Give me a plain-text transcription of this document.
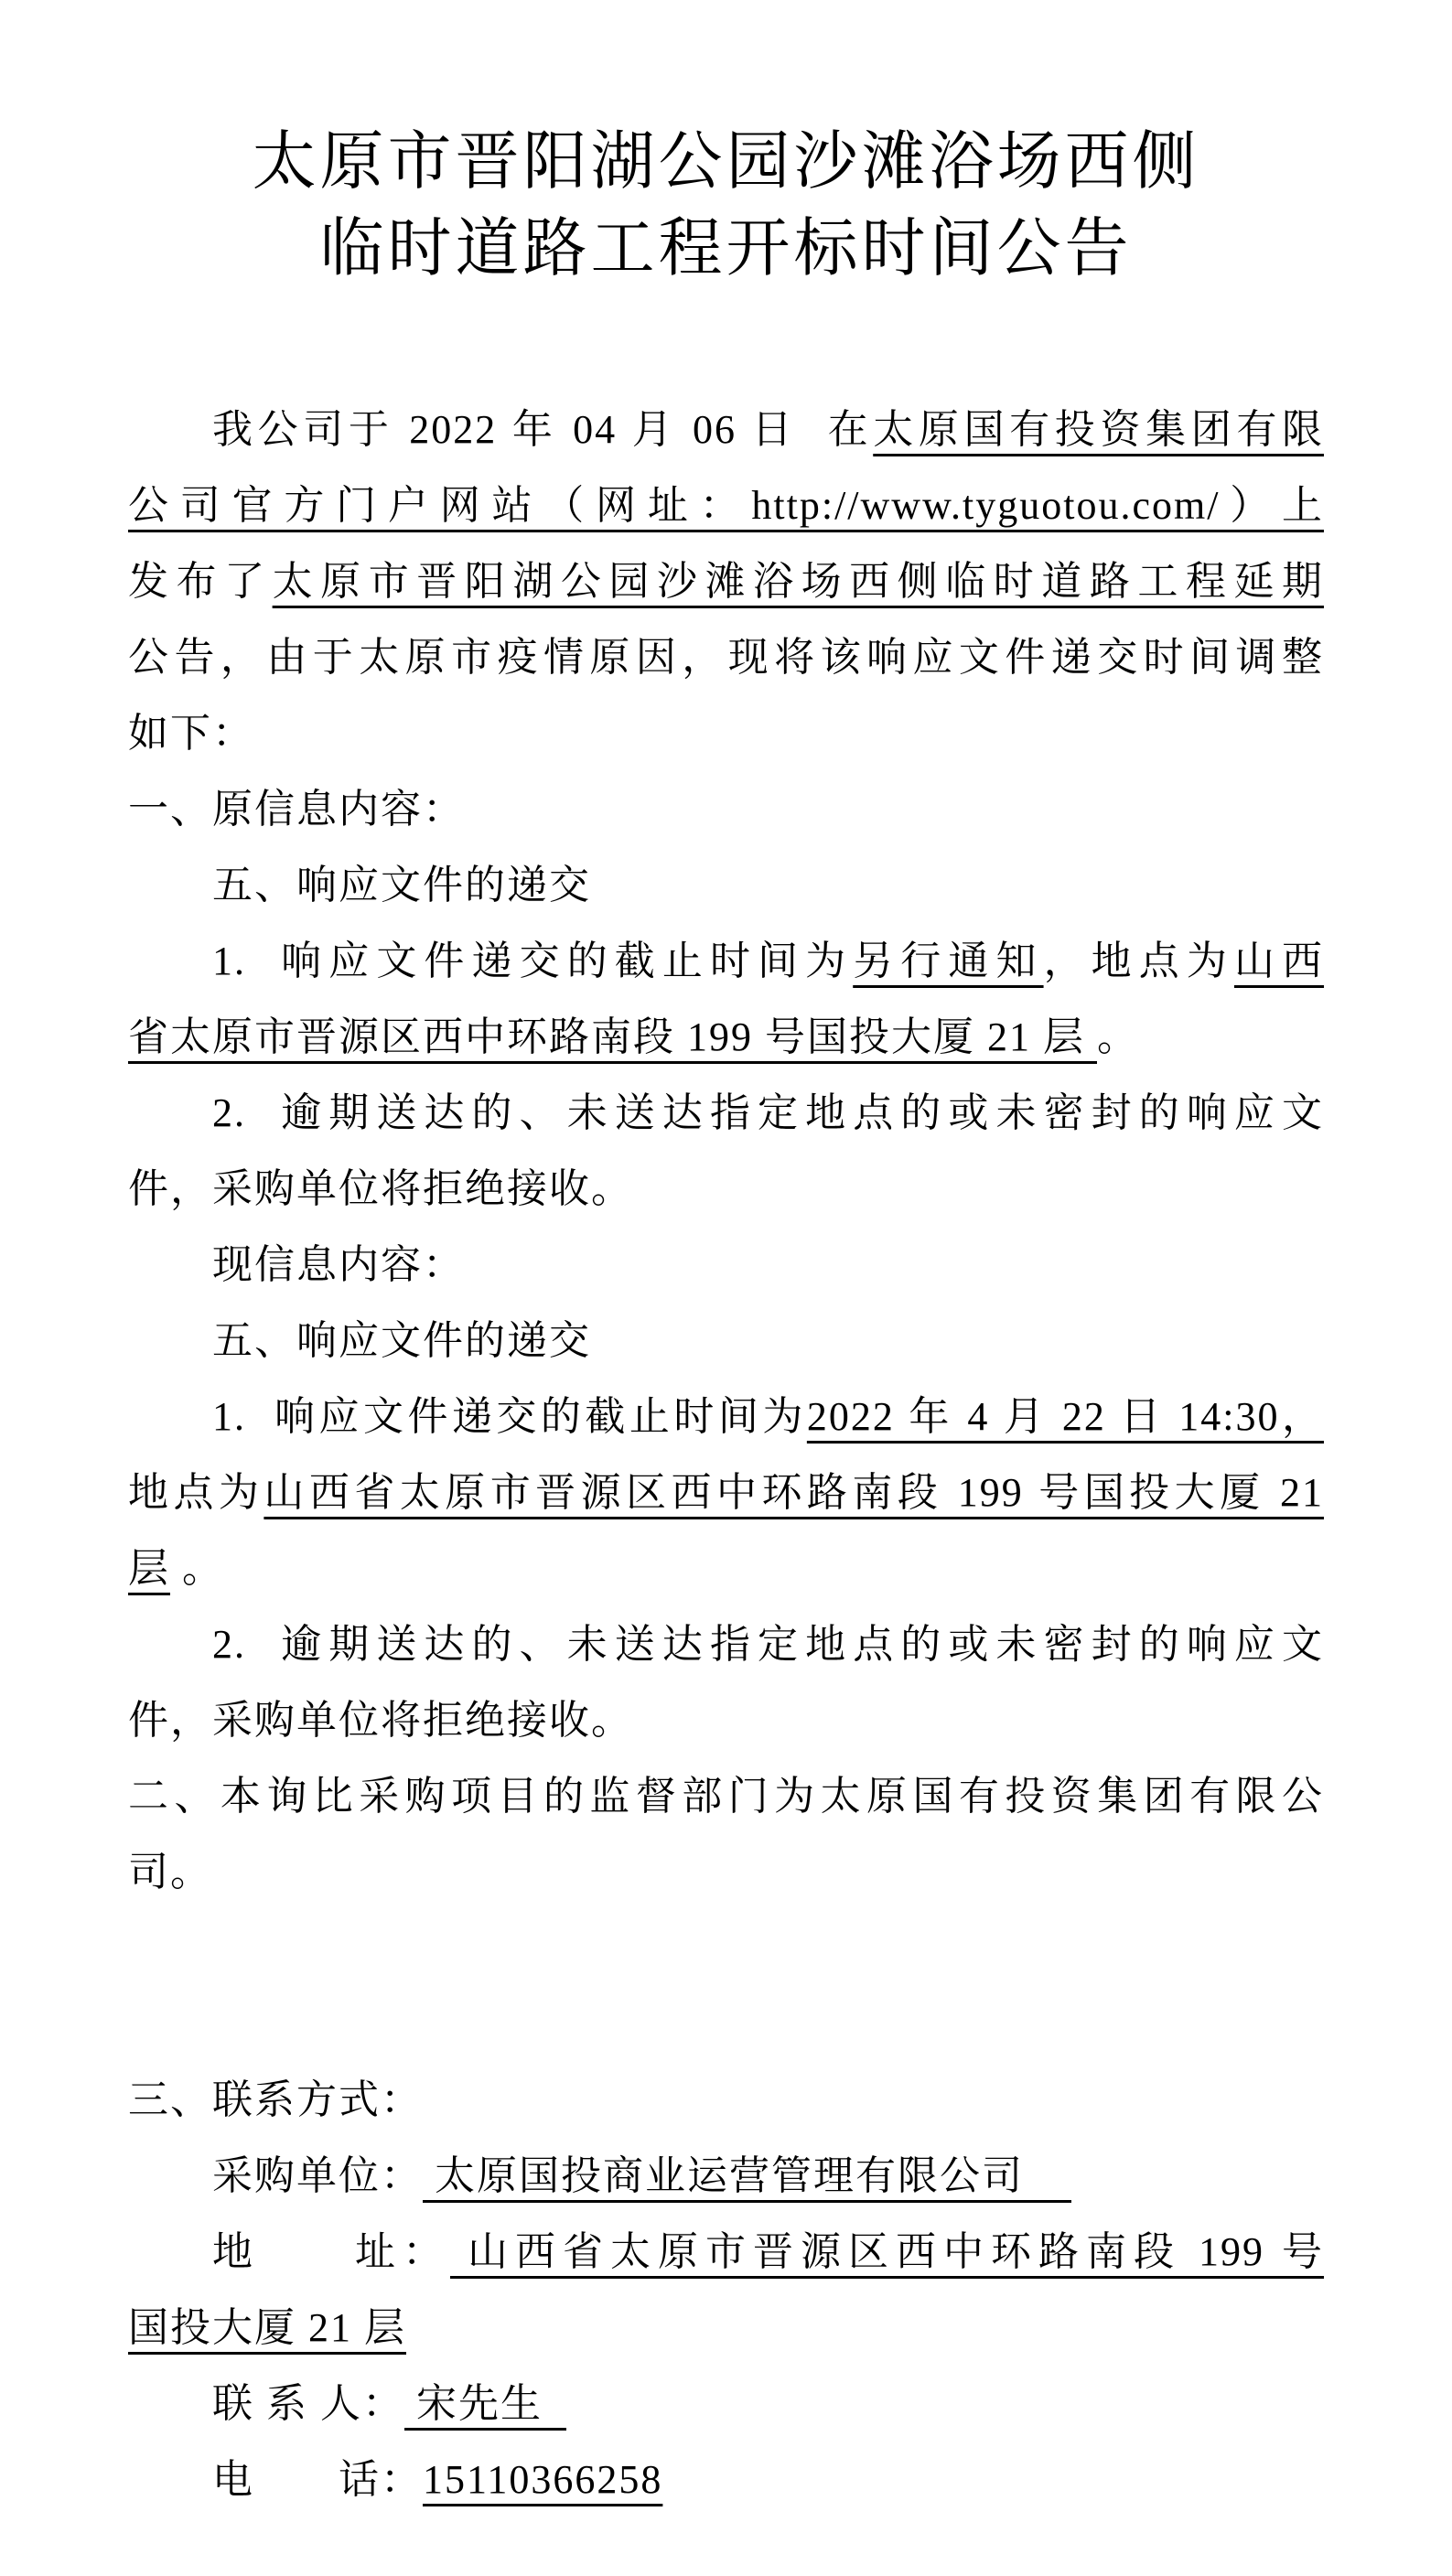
太原市晋阳湖公园沙滩浴场西侧
临时道路工程开标时间公告
我公司于 2022 年 04 月 06 日  在太原国有投资集团有限
公司官方门户网站（网址：http://www.tyguotou.com/）上
发布了太原市晋阳湖公园沙滩浴场西侧临时道路工程延期
公告，由于太原市疫情原因，现将该响应文件递交时间调整
如下：
一、原信息内容：
五、响应文件的递交
1.  响应文件递交的截止时间为另行通知，地点为山西
省太原市晋源区西中环路南段 199 号国投大厦 21 层 。
2.  逾期送达的、未送达指定地点的或未密封的响应文
件，采购单位将拒绝接收。
现信息内容：
五、响应文件的递交
1.  响应文件递交的截止时间为2022 年 4 月 22 日 14:30，
地点为山西省太原市晋源区西中环路南段 199 号国投大厦 21
层 。
2.  逾期送达的、未送达指定地点的或未密封的响应文
件，采购单位将拒绝接收。
二、本询比采购项目的监督部门为太原国有投资集团有限公
司。
三、联系方式：
采购单位： 太原国投商业运营管理有限公司
地　　址： 山西省太原市晋源区西中环路南段 199 号
国投大厦 21 层
联 系 人： 宋先生
电　　话：15110366258
